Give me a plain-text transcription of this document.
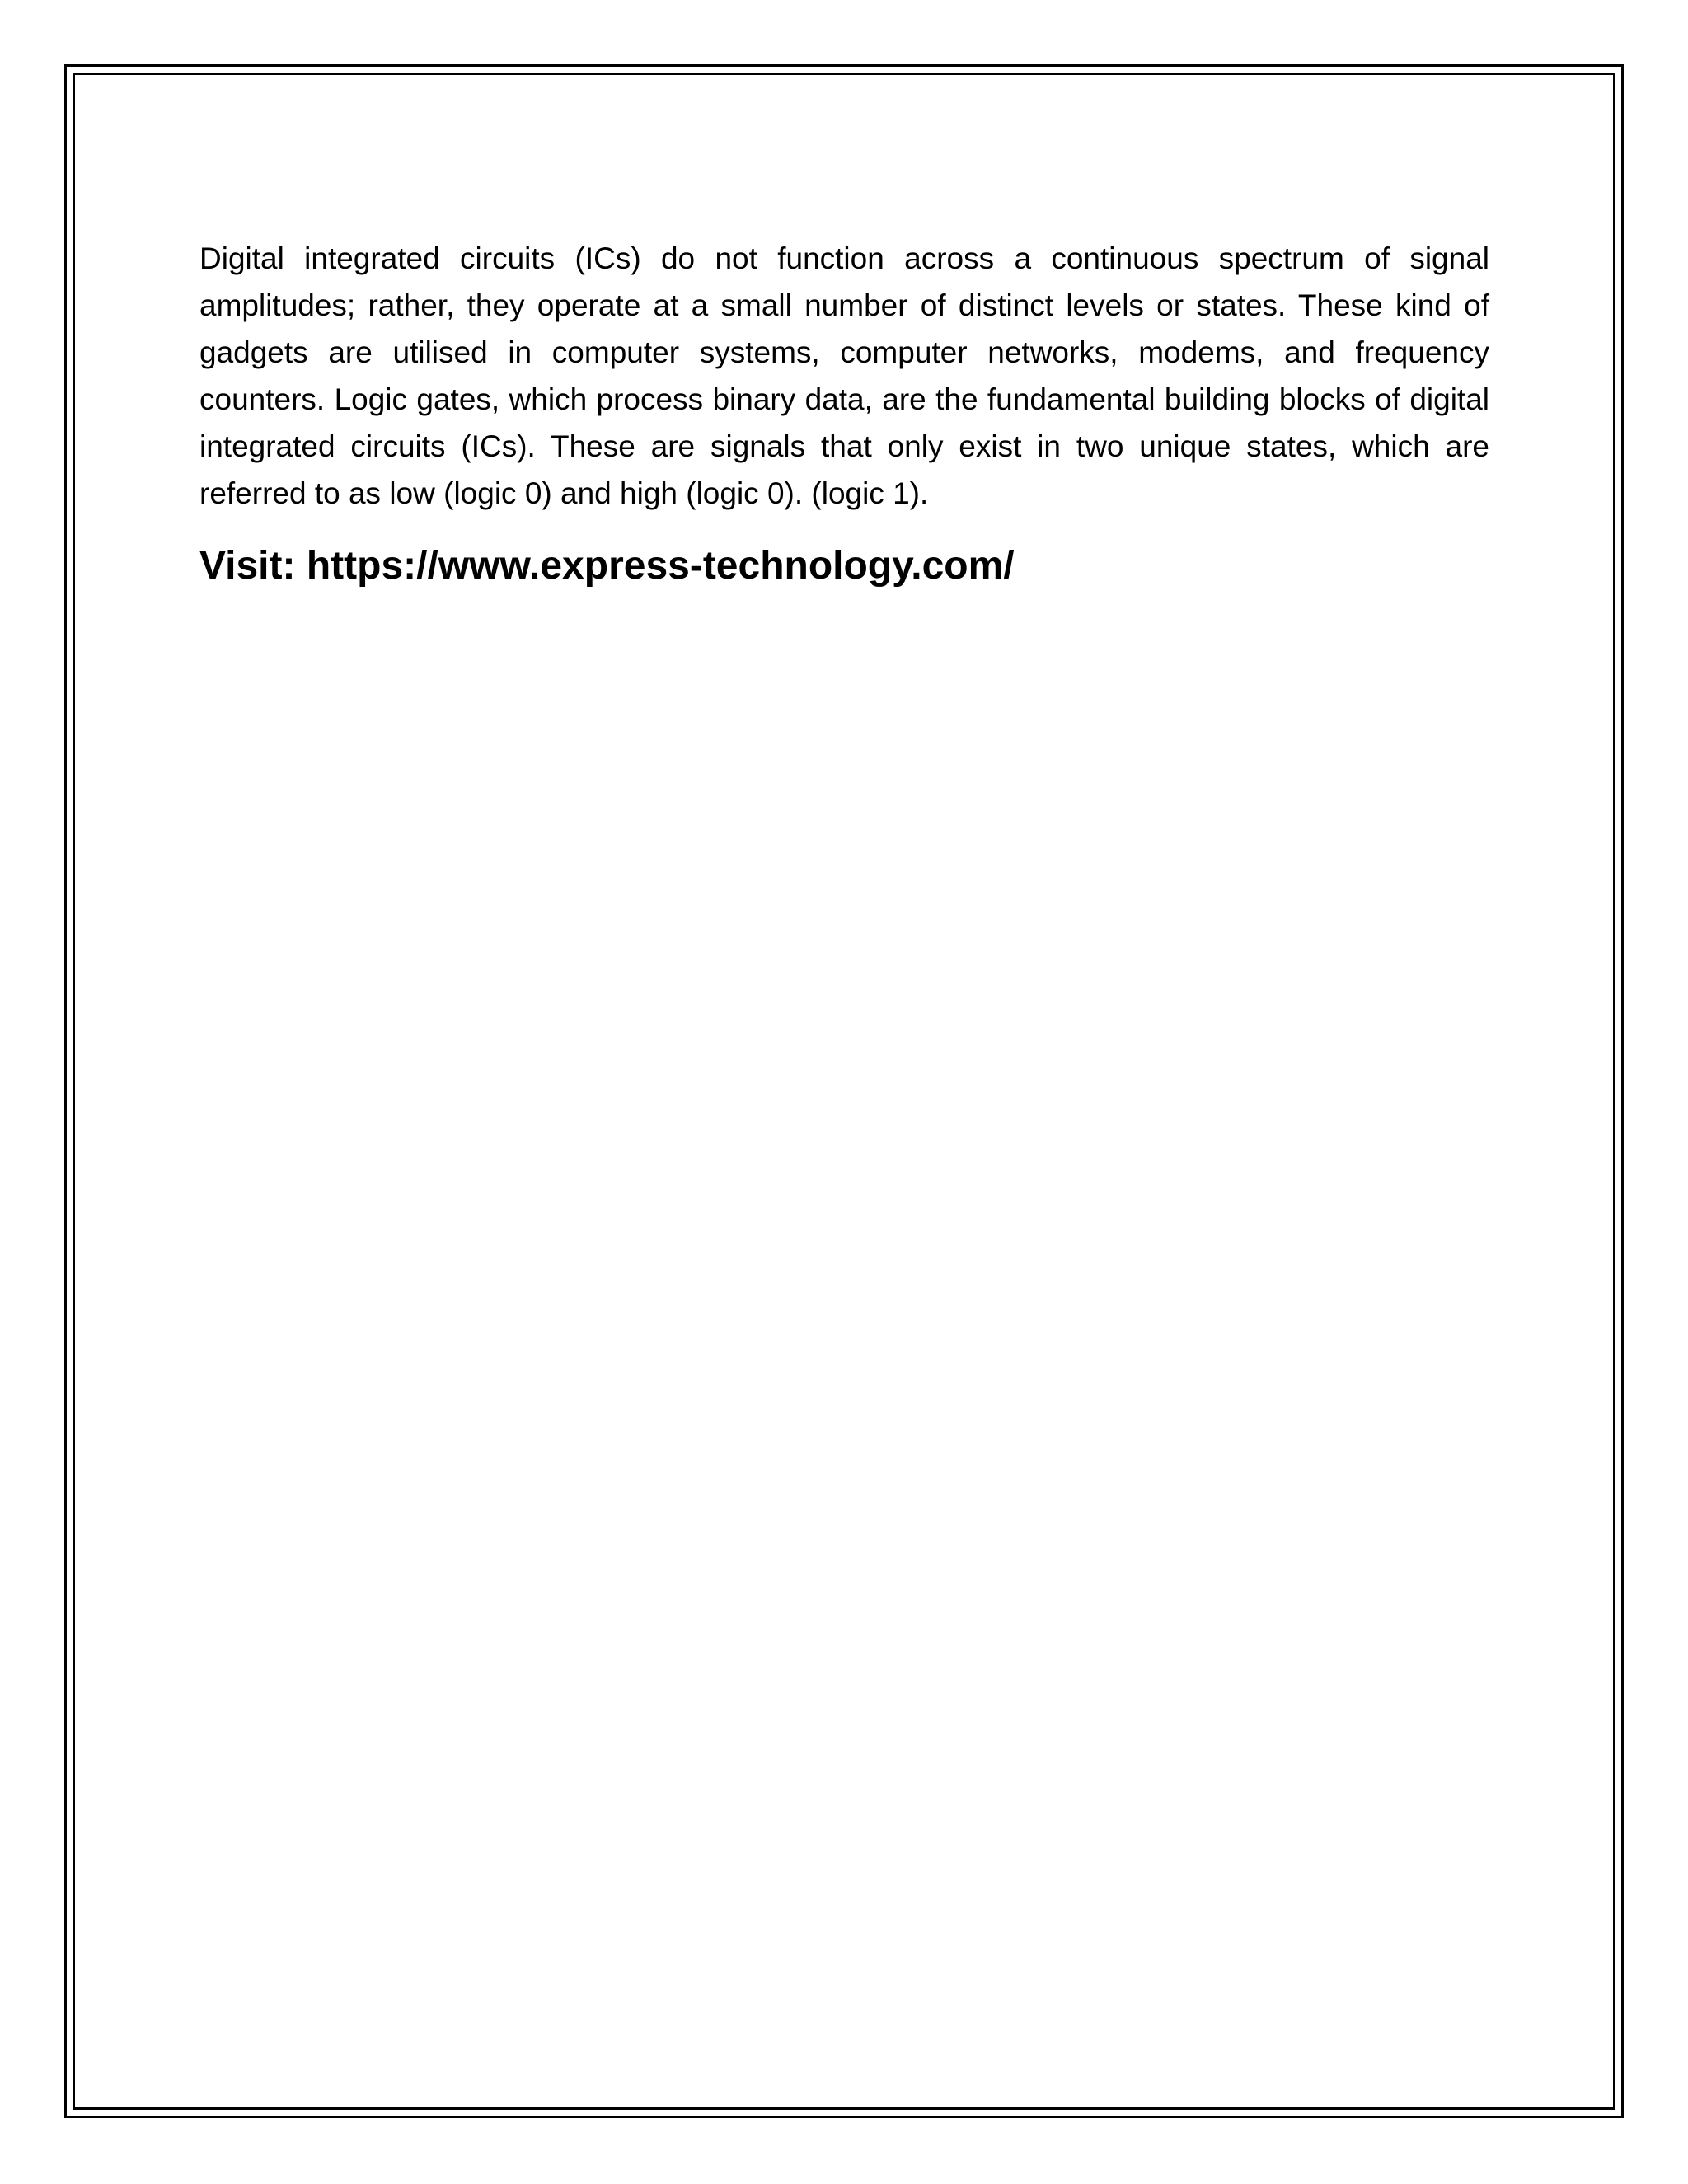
Digital integrated circuits (ICs) do not function across a continuous spectrum of signal amplitudes; rather, they operate at a small number of distinct levels or states. These kind of gadgets are utilised in computer systems, computer networks, modems, and frequency counters. Logic gates, which process binary data, are the fundamental building blocks of digital integrated circuits (ICs). These are signals that only exist in two unique states, which are referred to as low (logic 0) and high (logic 0). (logic 1).

Visit: https://www.express-technology.com/
